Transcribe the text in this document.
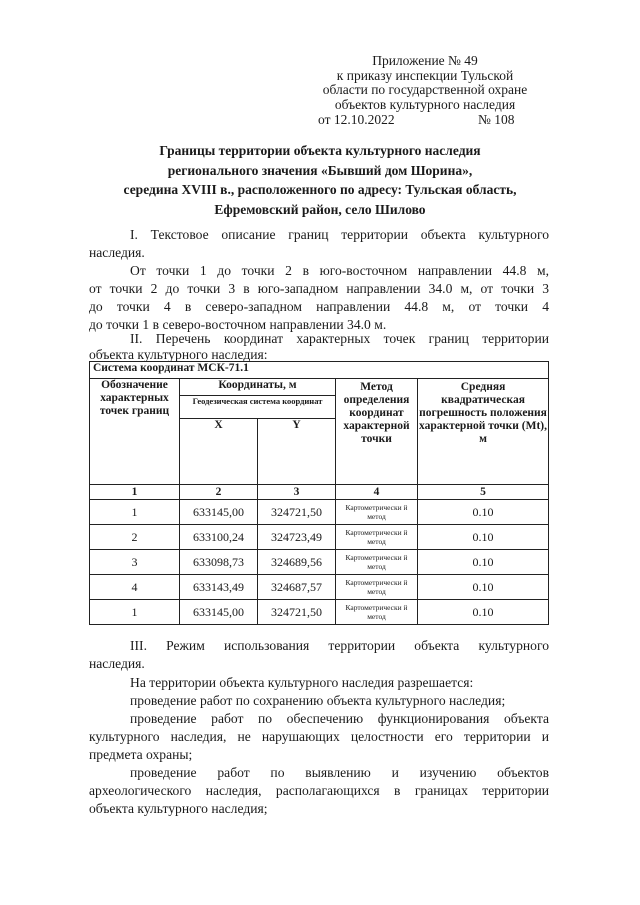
Приложение № 49
к приказу инспекции Тульской
области по государственной охране
объектов культурного наследия
от 12.10.2022	№ 108
Границы территории объекта культурного наследия
регионального значения «Бывший дом Шорина»,
середина XVIII в., расположенного по адресу: Тульская область,
Ефремовский район, село Шилово
I. Текстовое описание границ территории объекта культурного
наследия.
От точки 1 до точки 2 в юго-восточном направлении 44.8 м,
от точки 2 до точки 3 в юго-западном направлении 34.0 м, от точки 3
до точки 4 в северо-западном направлении 44.8 м, от точки 4
до точки 1 в северо-восточном направлении 34.0 м.
II. Перечень координат характерных точек границ территории
объекта культурного наследия:
Система координат МСК-71.1				
Обозначение характерных точек границ	Координаты, м		Метод определения координат характерной точки	Средняя квадратическая погрешность положения характерной точки (Mt), м
	Геодезическая система координат			
	X	Y		
1	2	3	4	5
1	633145,00	324721,50	Картометрически й метод	0.10
2	633100,24	324723,49	Картометрически й метод	0.10
3	633098,73	324689,56	Картометрически й метод	0.10
4	633143,49	324687,57	Картометрически й метод	0.10
1	633145,00	324721,50	Картометрически й метод	0.10
III. Режим использования территории объекта культурного
наследия.
На территории объекта культурного наследия разрешается:
проведение работ по сохранению объекта культурного наследия;
проведение работ по обеспечению функционирования объекта
культурного наследия, не нарушающих целостности его территории и
предмета охраны;
проведение работ по выявлению и изучению объектов
археологического наследия, располагающихся в границах территории
объекта культурного наследия;
